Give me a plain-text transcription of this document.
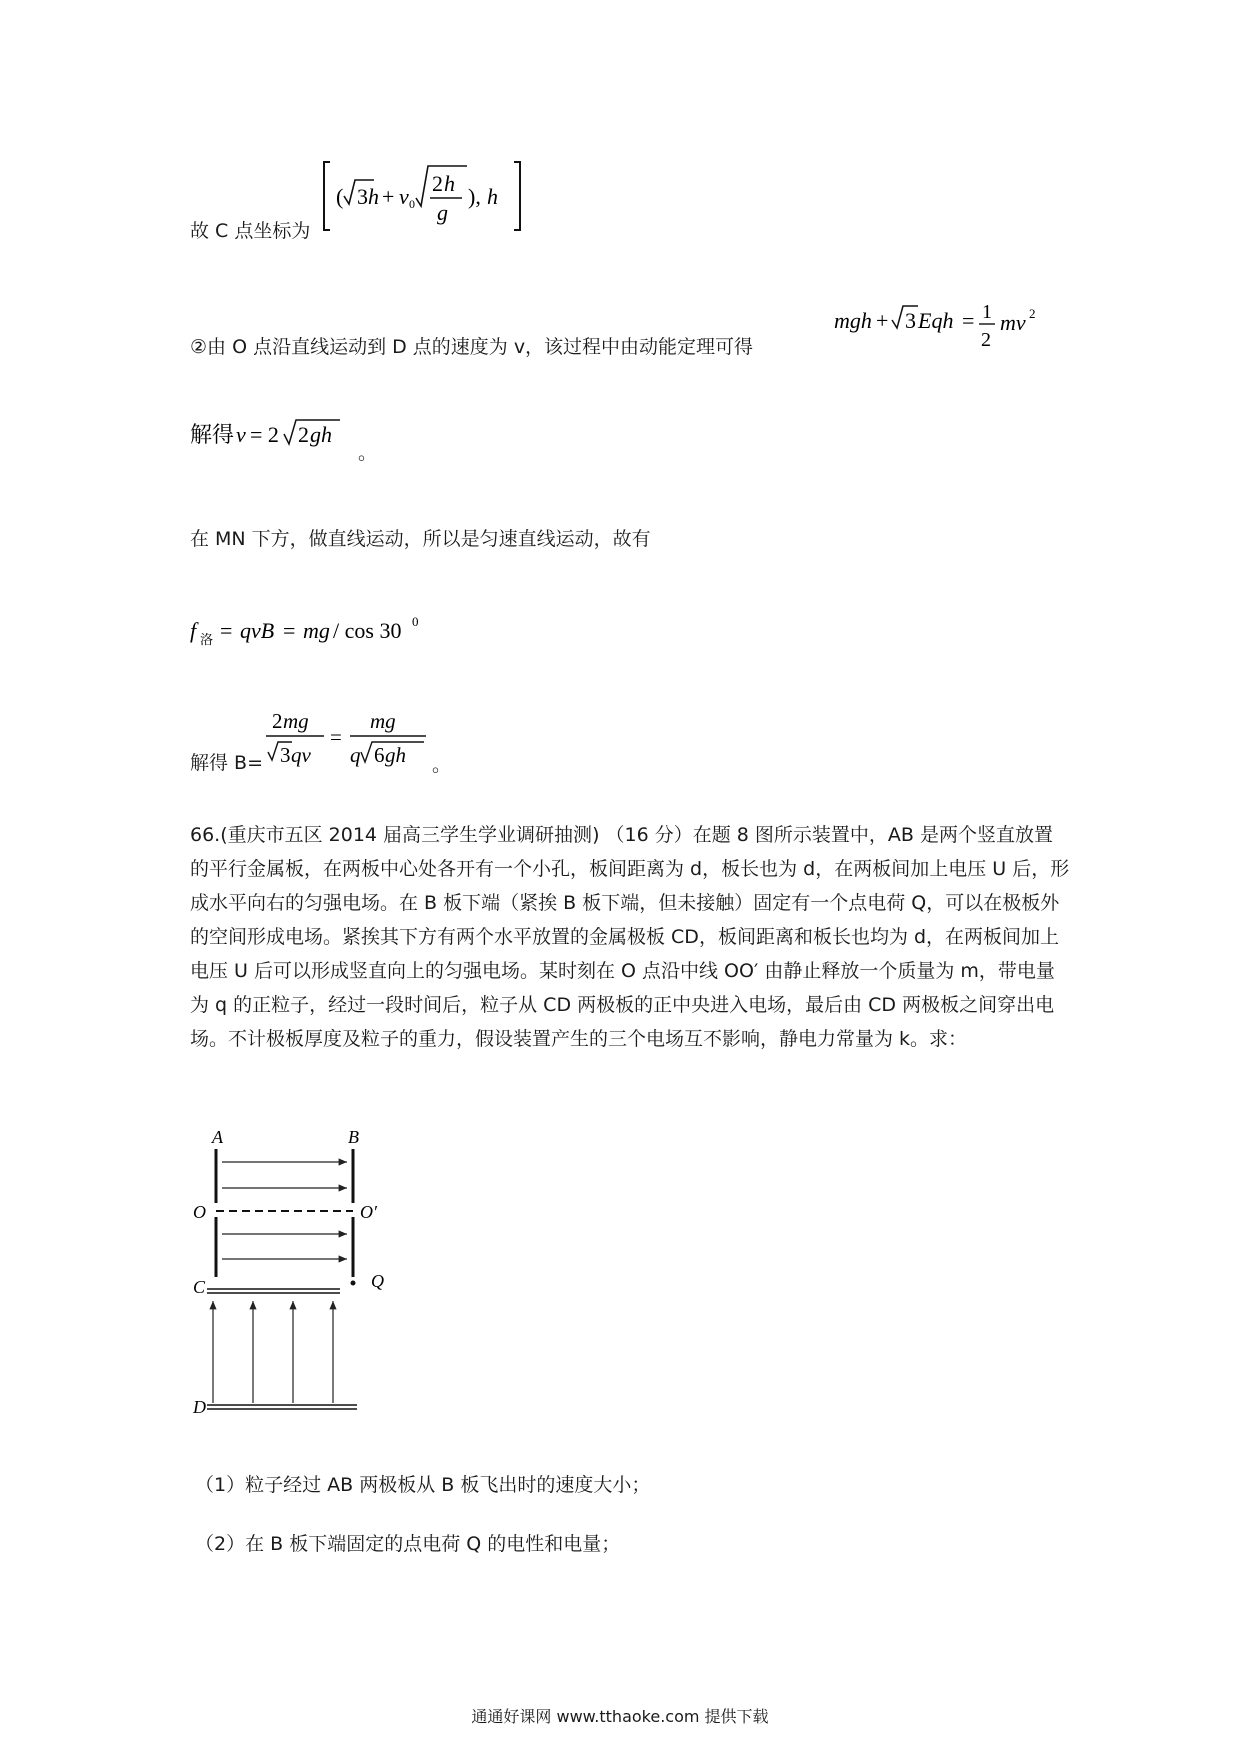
故 C 点坐标为
( 3 h + v 0
2 h
g
), h
②由 O 点沿直线运动到 D 点的速度为 v，该过程中由动能定理可得
mgh + 3 Eqh = 1
2
mv 2
解得 v = 2 2 gh
。
在 MN 下方，做直线运动，所以是匀速直线运动，故有
f 洛 = qvB = mg / cos 30 0
解得 B=
2 mg
3 qv
=
mg
q 6 gh 。
66.(重庆市五区 2014 届高三学生学业调研抽测) （16 分）在题 8 图所示装置中，AB 是两个竖直放置的平行金属板，在两板中心处各开有一个小孔，板间距离为 d，板长也为 d，在两板间加上电压 U 后，形成水平向右的匀强电场。在 B 板下端（紧挨 B 板下端，但未接触）固定有一个点电荷 Q，可以在极板外的空间形成电场。紧挨其下方有两个水平放置的金属极板 CD，板间距离和板长也均为 d，在两板间加上电压 U 后可以形成竖直向上的匀强电场。某时刻在 O 点沿中线 OO′ 由静止释放一个质量为 m，带电量为 q 的正粒子，经过一段时间后，粒子从 CD 两极板的正中央进入电场，最后由 CD 两极板之间穿出电场。不计极板厚度及粒子的重力，假设装置产生的三个电场互不影响，静电力常量为 k。求：
A	B
O	O′
C	Q
D
（1）粒子经过 AB 两极板从 B 板飞出时的速度大小；
（2）在 B 板下端固定的点电荷 Q 的电性和电量；
通通好课网 www.tthaoke.com 提供下载
